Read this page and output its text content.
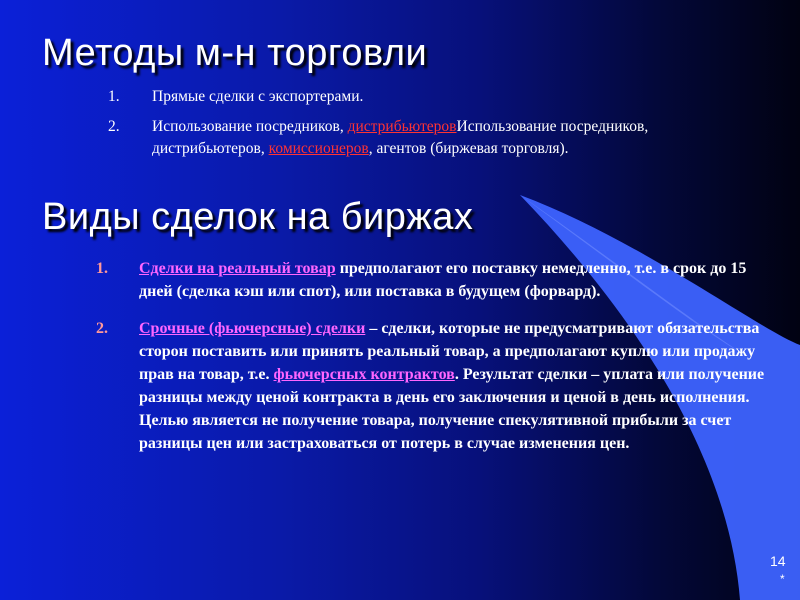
Методы м-н торговли
1. Прямые сделки с экспортерами.
2. Использование посредников, дистрибьютеровИспользование посредников, дистрибьютеров, комиссионеров, агентов (биржевая торговля).
Виды сделок на биржах
1. Сделки на реальный товар предполагают его поставку немедленно, т.е. в срок до 15 дней (сделка кэш или спот), или поставка в будущем (форвард).
2. Срочные (фьючерсные) сделки – сделки, которые не предусматривают обязательства сторон поставить или принять реальный товар, а предполагают куплю или продажу прав на товар, т.е. фьючерсных контрактов. Результат сделки – уплата или получение разницы между ценой контракта в день его заключения и ценой в день исполнения. Целью является не получение товара, получение спекулятивной прибыли за счет разницы цен или застраховаться от потерь в случае изменения цен.
14
*
